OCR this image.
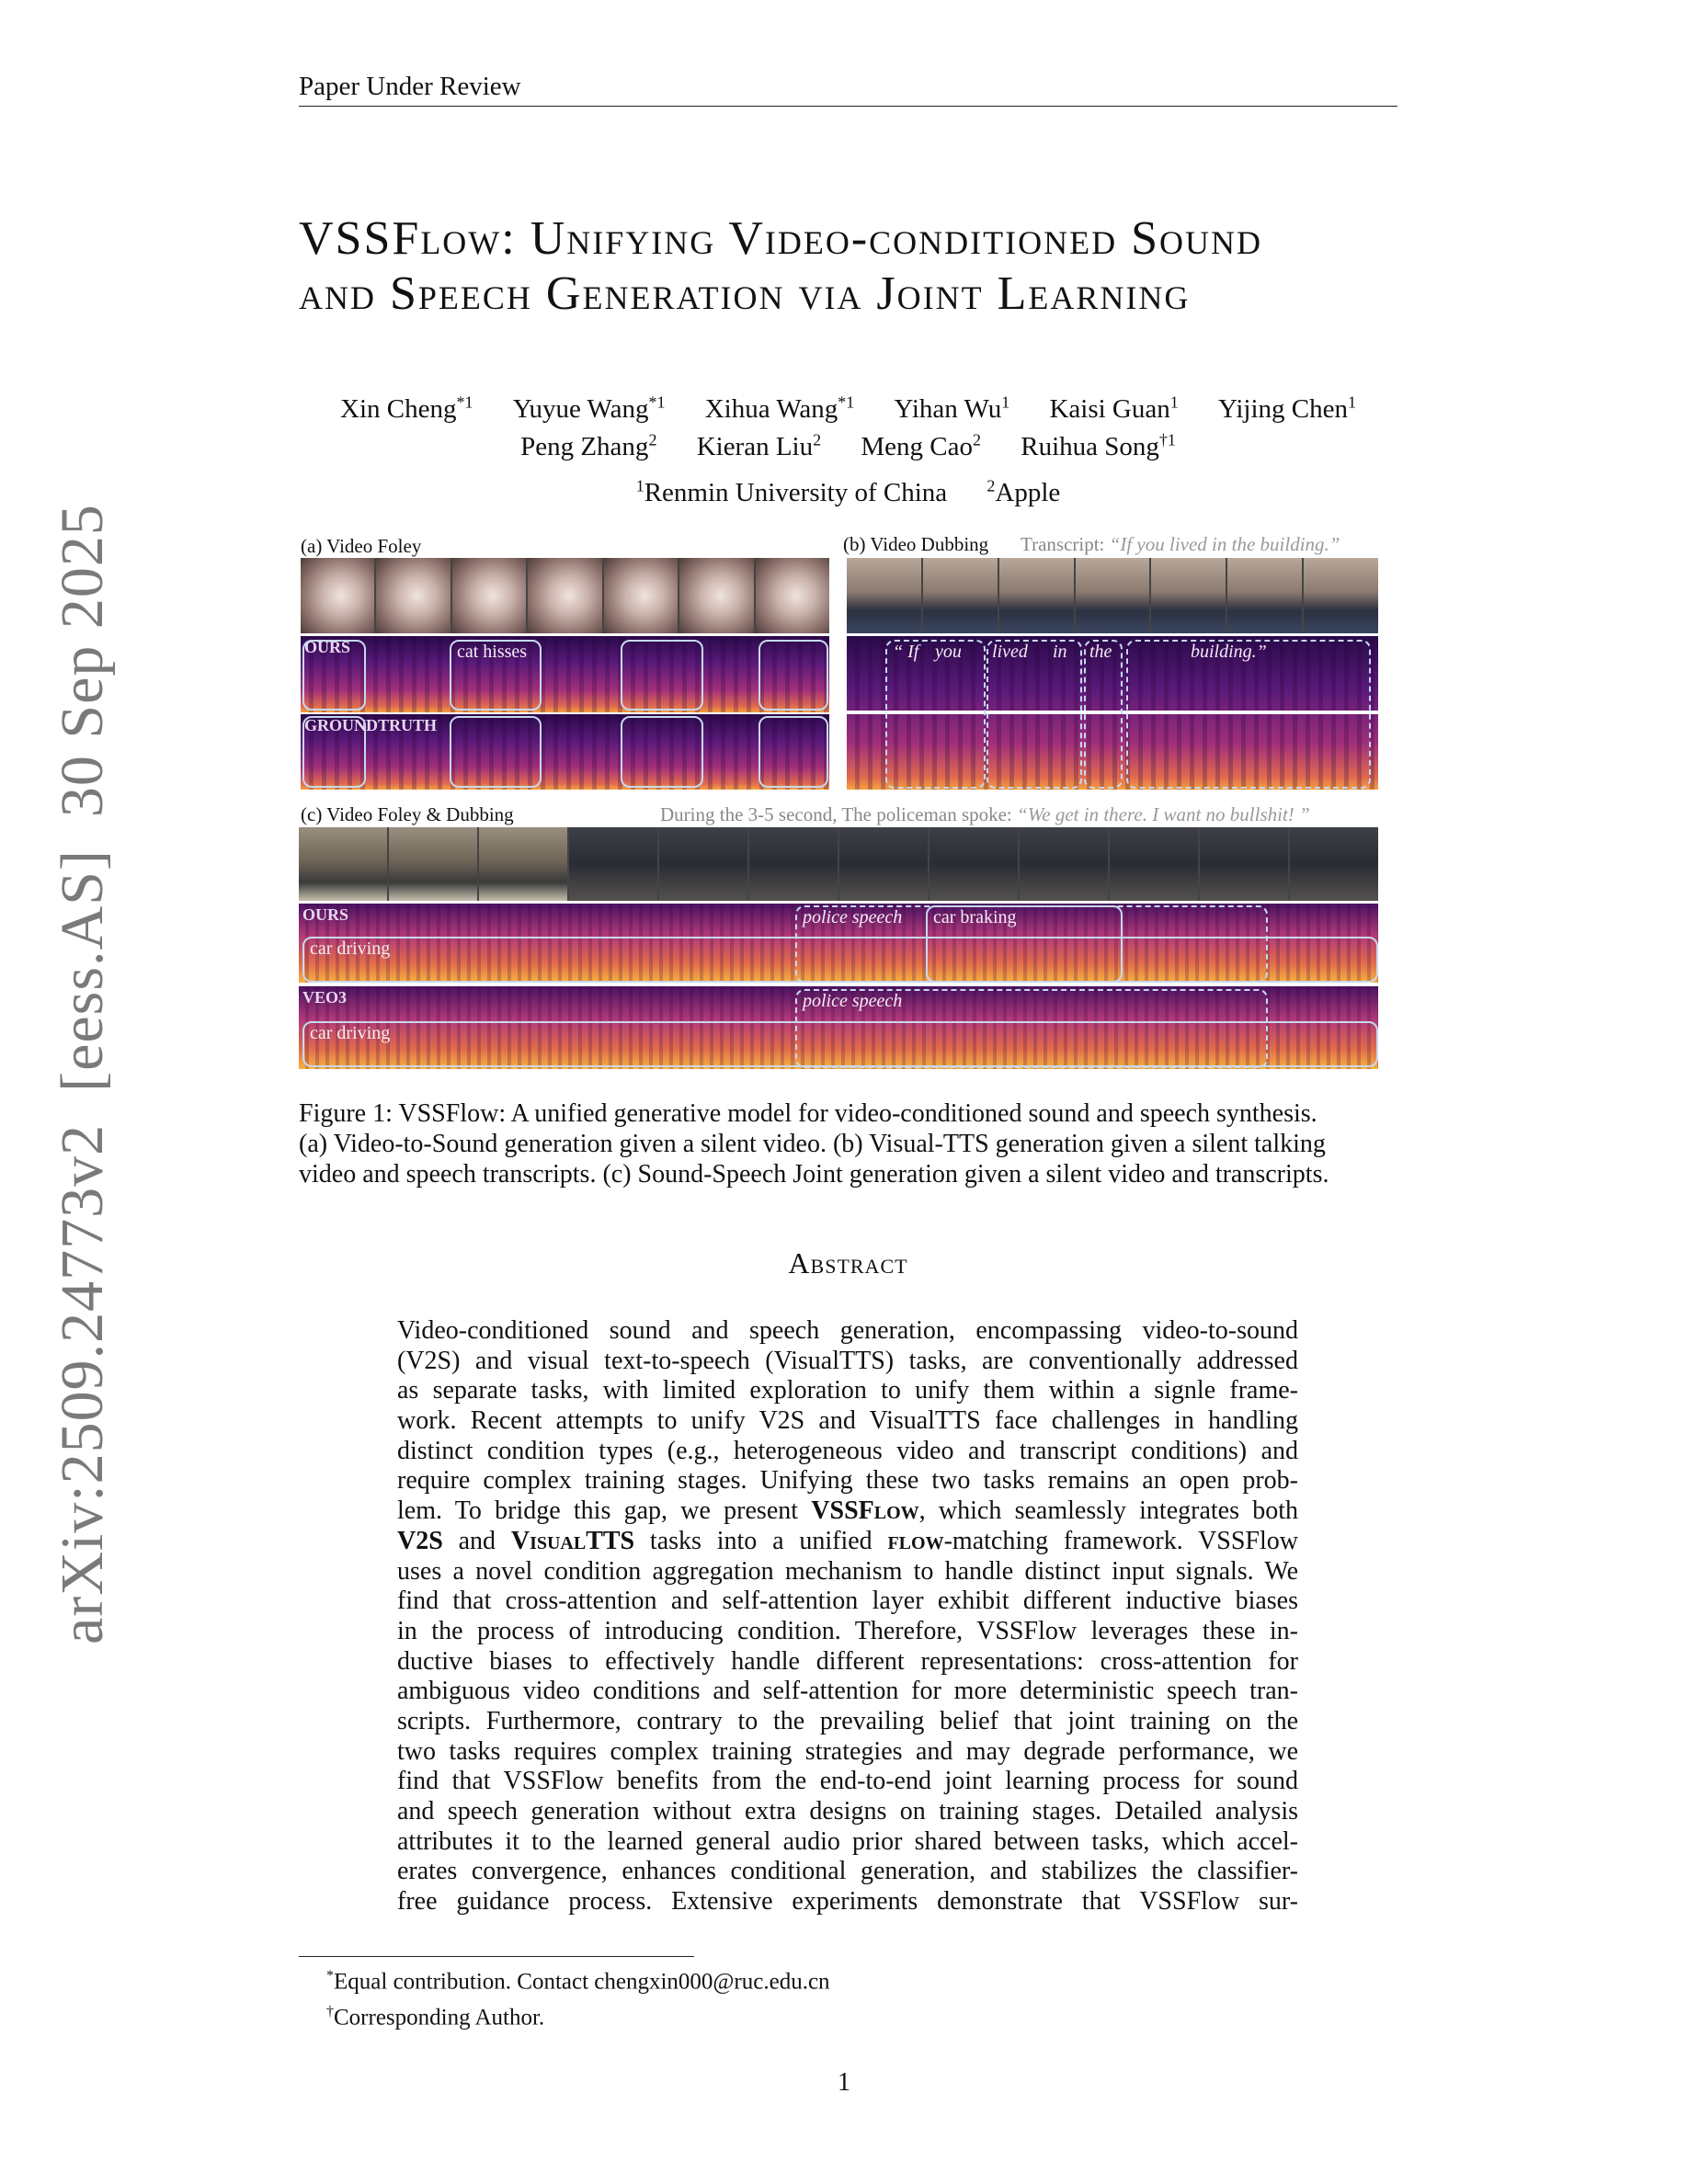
Paper Under Review
arXiv:2509.24773v2  [eess.AS]  30 Sep 2025
VSSFlow: Unifying Video-conditioned Sound
and Speech Generation via Joint Learning
Xin Cheng$^{*1}$ Yuyue Wang$^{*1}$ Xihua Wang$^{*1}$ Yihan Wu$^1$ Kaisi Guan$^1$ Yijing Chen$^1$
Peng Zhang$^2$ Kieran Liu$^2$ Meng Cao$^2$ Ruihua Song$^{\dagger 1}$
$^1$Renmin University of China $^2$Apple
(a) Video Foley
OURS	cat hisses
GROUNDTRUTH
(b) Video Dubbing Transcript: “If you lived in the building.”
“ If you lived in the	building.”
(c) Video Foley & Dubbing	During the 3-5 second, The policeman spoke: “We get in there. I want no bullshit! ”
OURS	police speech car braking
car driving
VEO3	police speech
car driving
Figure 1: VSSFlow: A unified generative model for video-conditioned sound and speech synthesis.
(a) Video-to-Sound generation given a silent video. (b) Visual-TTS generation given a silent talking
video and speech transcripts. (c) Sound-Speech Joint generation given a silent video and transcripts.
Abstract
Video-conditioned sound and speech generation, encompassing video-to-sound
(V2S) and visual text-to-speech (VisualTTS) tasks, are conventionally addressed
as separate tasks, with limited exploration to unify them within a signle frame-
work. Recent attempts to unify V2S and VisualTTS face challenges in handling
distinct condition types (e.g., heterogeneous video and transcript conditions) and
require complex training stages. Unifying these two tasks remains an open prob-
lem. To bridge this gap, we present VSSFlow, which seamlessly integrates both
V2S and VisualTTS tasks into a unified flow-matching framework. VSSFlow
uses a novel condition aggregation mechanism to handle distinct input signals. We
find that cross-attention and self-attention layer exhibit different inductive biases
in the process of introducing condition. Therefore, VSSFlow leverages these in-
ductive biases to effectively handle different representations: cross-attention for
ambiguous video conditions and self-attention for more deterministic speech tran-
scripts. Furthermore, contrary to the prevailing belief that joint training on the
two tasks requires complex training strategies and may degrade performance, we
find that VSSFlow benefits from the end-to-end joint learning process for sound
and speech generation without extra designs on training stages. Detailed analysis
attributes it to the learned general audio prior shared between tasks, which accel-
erates convergence, enhances conditional generation, and stabilizes the classifier-
free guidance process. Extensive experiments demonstrate that VSSFlow sur-
*Equal contribution. Contact chengxin000@ruc.edu.cn
†Corresponding Author.
1
